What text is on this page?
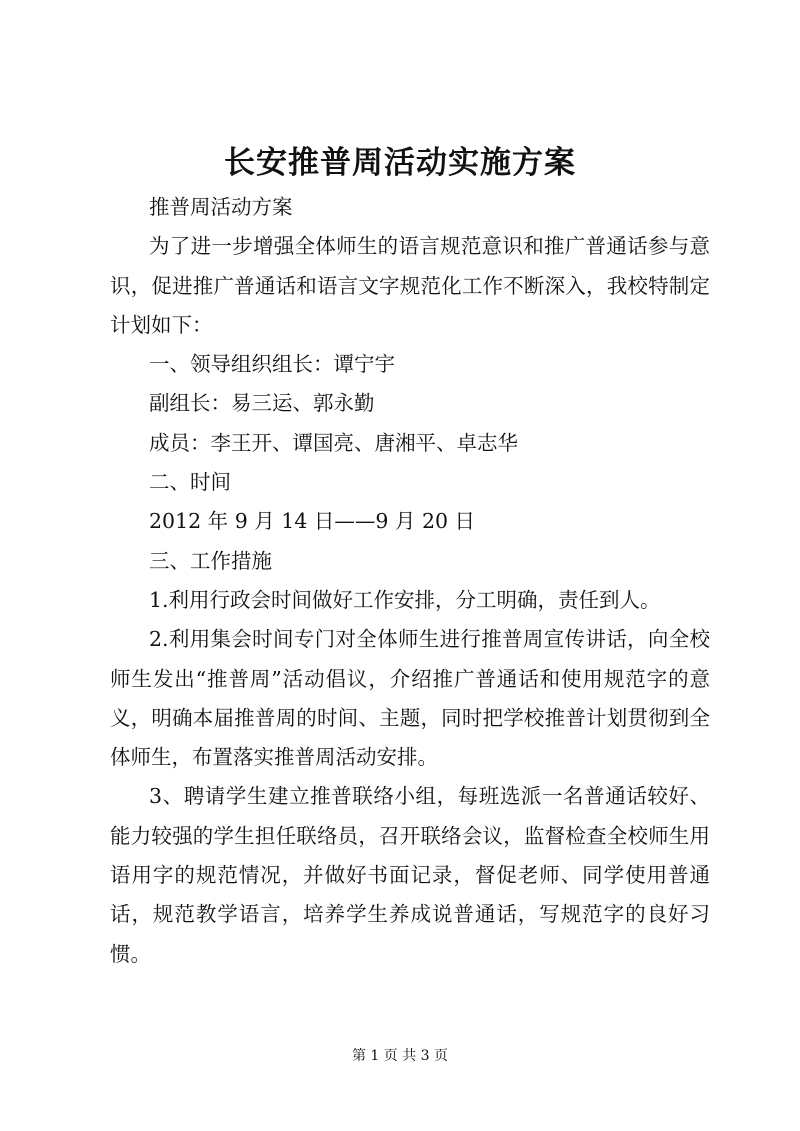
长安推普周活动实施方案

推普周活动方案

为了进一步增强全体师生的语言规范意识和推广普通话参与意识，促进推广普通话和语言文字规范化工作不断深入，我校特制定计划如下：

一、领导组织组长：谭宁宇

副组长：易三运、郭永勤

成员：李王开、谭国亮、唐湘平、卓志华

二、时间

2012 年 9 月 14 日——9 月 20 日

三、工作措施

1.利用行政会时间做好工作安排，分工明确，责任到人。

2.利用集会时间专门对全体师生进行推普周宣传讲话，向全校师生发出“推普周”活动倡议，介绍推广普通话和使用规范字的意义，明确本届推普周的时间、主题，同时把学校推普计划贯彻到全体师生，布置落实推普周活动安排。

3、聘请学生建立推普联络小组，每班选派一名普通话较好、能力较强的学生担任联络员，召开联络会议，监督检查全校师生用语用字的规范情况，并做好书面记录，督促老师、同学使用普通话，规范教学语言，培养学生养成说普通话，写规范字的良好习惯。

第 1 页 共 3 页
